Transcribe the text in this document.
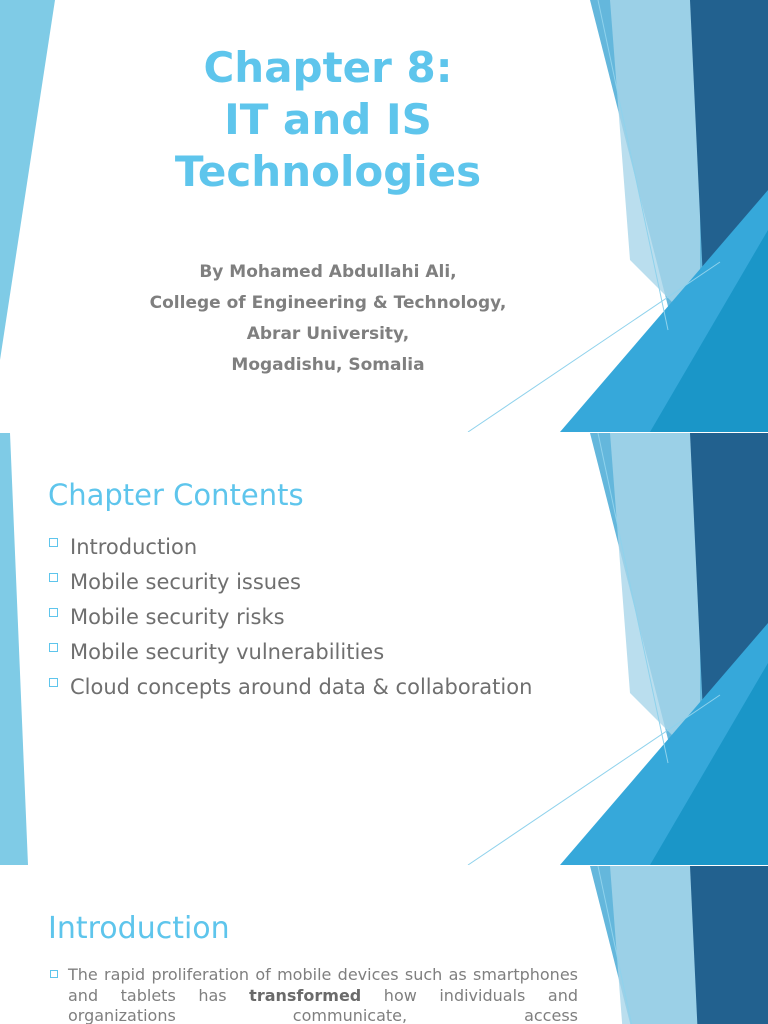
Chapter 8:
IT and IS
Technologies

By Mohamed Abdullahi Ali,
College of Engineering & Technology,
Abrar University,
Mogadishu, Somalia

Chapter Contents
Introduction
Mobile security issues
Mobile security risks
Mobile security vulnerabilities
Cloud concepts around data & collaboration
Introduction

The rapid proliferation of mobile devices such as smartphones and tablets has transformed how individuals and organizations communicate, access
